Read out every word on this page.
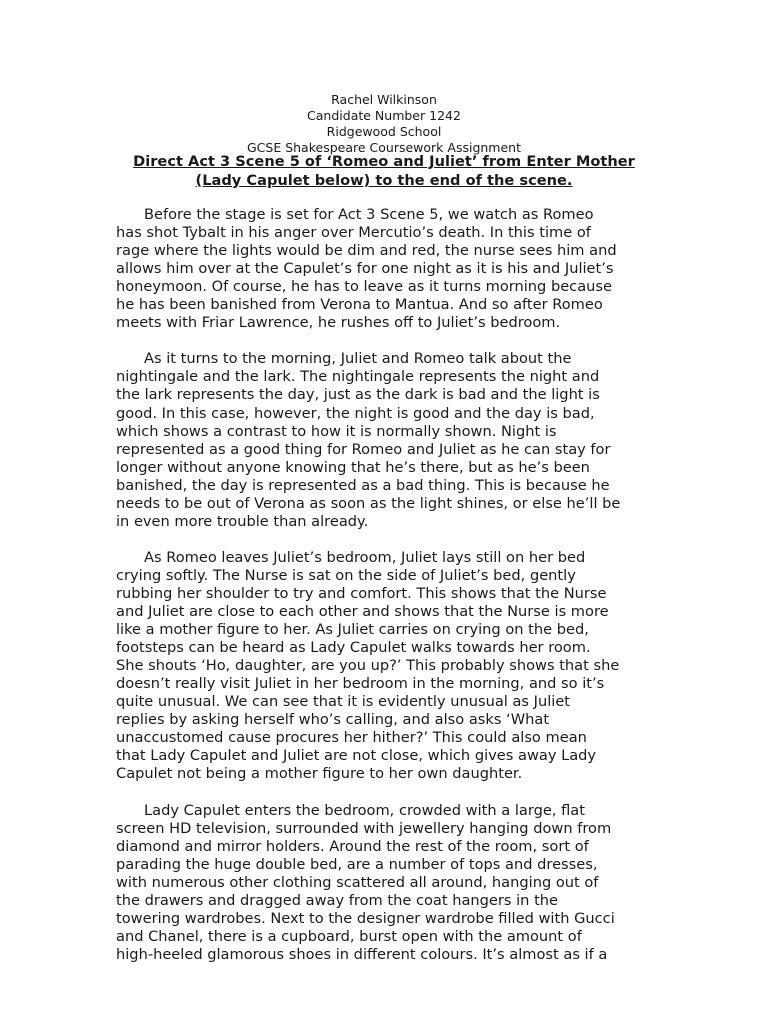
Rachel Wilkinson
Candidate Number 1242
Ridgewood School
GCSE Shakespeare Coursework Assignment
Direct Act 3 Scene 5 of ‘Romeo and Juliet’ from Enter Mother
(Lady Capulet below) to the end of the scene.
Before the stage is set for Act 3 Scene 5, we watch as Romeo
has shot Tybalt in his anger over Mercutio’s death. In this time of
rage where the lights would be dim and red, the nurse sees him and
allows him over at the Capulet’s for one night as it is his and Juliet’s
honeymoon. Of course, he has to leave as it turns morning because
he has been banished from Verona to Mantua. And so after Romeo
meets with Friar Lawrence, he rushes off to Juliet’s bedroom.
As it turns to the morning, Juliet and Romeo talk about the
nightingale and the lark. The nightingale represents the night and
the lark represents the day, just as the dark is bad and the light is
good. In this case, however, the night is good and the day is bad,
which shows a contrast to how it is normally shown. Night is
represented as a good thing for Romeo and Juliet as he can stay for
longer without anyone knowing that he’s there, but as he’s been
banished, the day is represented as a bad thing. This is because he
needs to be out of Verona as soon as the light shines, or else he’ll be
in even more trouble than already.
As Romeo leaves Juliet’s bedroom, Juliet lays still on her bed
crying softly. The Nurse is sat on the side of Juliet’s bed, gently
rubbing her shoulder to try and comfort. This shows that the Nurse
and Juliet are close to each other and shows that the Nurse is more
like a mother figure to her. As Juliet carries on crying on the bed,
footsteps can be heard as Lady Capulet walks towards her room.
She shouts ‘Ho, daughter, are you up?’ This probably shows that she
doesn’t really visit Juliet in her bedroom in the morning, and so it’s
quite unusual. We can see that it is evidently unusual as Juliet
replies by asking herself who’s calling, and also asks ‘What
unaccustomed cause procures her hither?’ This could also mean
that Lady Capulet and Juliet are not close, which gives away Lady
Capulet not being a mother figure to her own daughter.
Lady Capulet enters the bedroom, crowded with a large, flat
screen HD television, surrounded with jewellery hanging down from
diamond and mirror holders. Around the rest of the room, sort of
parading the huge double bed, are a number of tops and dresses,
with numerous other clothing scattered all around, hanging out of
the drawers and dragged away from the coat hangers in the
towering wardrobes. Next to the designer wardrobe filled with Gucci
and Chanel, there is a cupboard, burst open with the amount of
high-heeled glamorous shoes in different colours. It’s almost as if a
